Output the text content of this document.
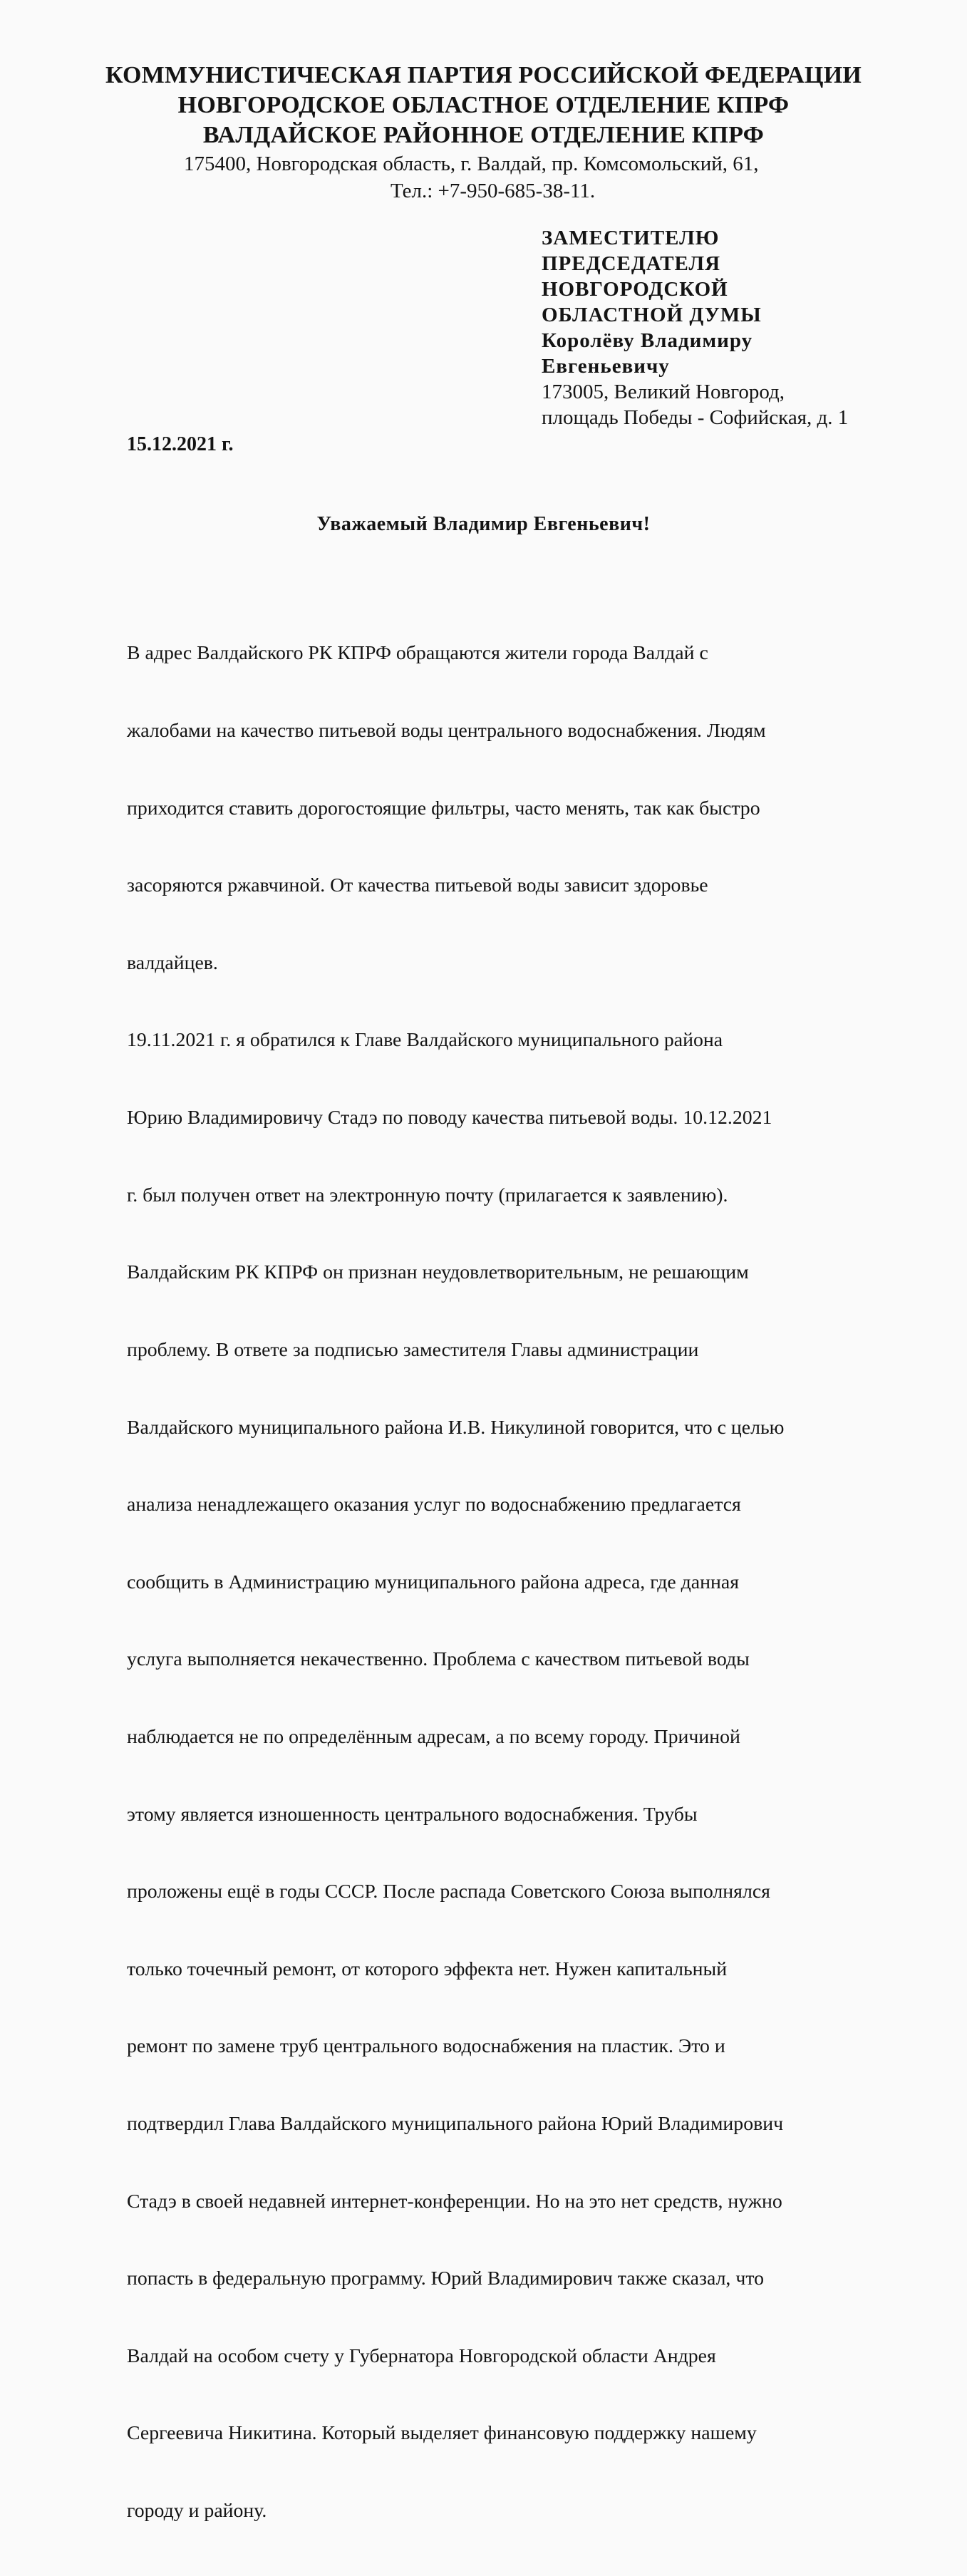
КОММУНИСТИЧЕСКАЯ ПАРТИЯ РОССИЙСКОЙ ФЕДЕРАЦИИ
НОВГОРОДСКОЕ ОБЛАСТНОЕ ОТДЕЛЕНИЕ КПРФ
ВАЛДАЙСКОЕ РАЙОННОЕ ОТДЕЛЕНИЕ КПРФ
175400, Новгородская область, г. Валдай, пр. Комсомольский, 61,
Тел.: +7-950-685-38-11.
ЗАМЕСТИТЕЛЮ
ПРЕДСЕДАТЕЛЯ
НОВГОРОДСКОЙ
ОБЛАСТНОЙ ДУМЫ
Королёву Владимиру
Евгеньевичу
173005, Великий Новгород,
площадь Победы - Софийская, д. 1
15.12.2021 г.
Уважаемый Владимир Евгеньевич!

В адрес Валдайского РК КПРФ обращаются жители города Валдай с

жалобами на качество питьевой воды центрального водоснабжения. Людям

приходится ставить дорогостоящие фильтры, часто менять, так как быстро

засоряются ржавчиной. От качества питьевой воды зависит здоровье

валдайцев.

19.11.2021 г. я обратился к Главе Валдайского муниципального района

Юрию Владимировичу Стадэ по поводу качества питьевой воды. 10.12.2021

г. был получен ответ на электронную почту (прилагается к заявлению).

Валдайским РК КПРФ он признан неудовлетворительным, не решающим

проблему. В ответе за подписью заместителя Главы администрации

Валдайского муниципального района И.В. Никулиной говорится, что с целью

анализа ненадлежащего оказания услуг по водоснабжению предлагается

сообщить в Администрацию муниципального района адреса, где данная

услуга выполняется некачественно. Проблема с качеством питьевой воды

наблюдается не по определённым адресам, а по всему городу. Причиной

этому является изношенность центрального водоснабжения. Трубы

проложены ещё в годы СССР. После распада Советского Союза выполнялся

только точечный ремонт, от которого эффекта нет. Нужен капитальный

ремонт по замене труб центрального водоснабжения на пластик. Это и

подтвердил Глава Валдайского муниципального района Юрий Владимирович

Стадэ в своей недавней интернет-конференции. Но на это нет средств, нужно

попасть в федеральную программу. Юрий Владимирович также сказал, что

Валдай на особом счету у Губернатора Новгородской области Андрея

Сергеевича Никитина. Который выделяет финансовую поддержку нашему

городу и району.
